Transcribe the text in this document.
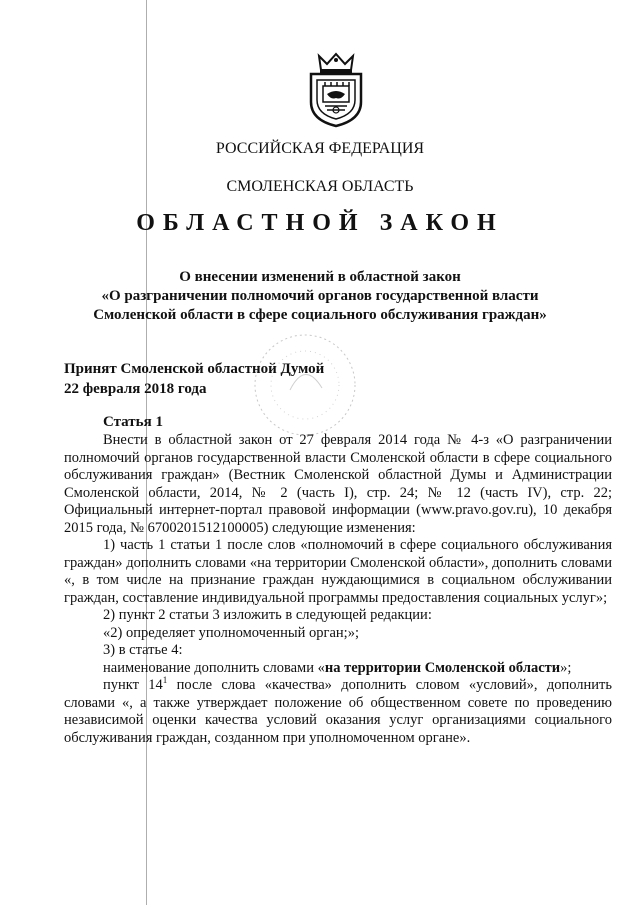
РОССИЙСКАЯ ФЕДЕРАЦИЯ
СМОЛЕНСКАЯ ОБЛАСТЬ
ОБЛАСТНОЙ ЗАКОН
О внесении изменений в областной закон
«О разграничении полномочий органов государственной власти Смоленской области в сфере социального обслуживания граждан»
Принят Смоленской областной Думой
22 февраля 2018 года
Статья 1

Внести в областной закон от 27 февраля 2014 года № 4-з «О разграничении полномочий органов государственной власти Смоленской области в сфере социального обслуживания граждан» (Вестник Смоленской областной Думы и Администрации Смоленской области, 2014, № 2 (часть I), стр. 24; № 12 (часть IV), стр. 22; Официальный интернет-портал правовой информации (www.pravo.gov.ru), 10 декабря 2015 года, № 6700201512100005) следующие изменения:

1) часть 1 статьи 1 после слов «полномочий в сфере социального обслуживания граждан» дополнить словами «на территории Смоленской области», дополнить словами «, в том числе на признание граждан нуждающимися в социальном обслуживании граждан, составление индивидуальной программы предоставления социальных услуг»;

2) пункт 2 статьи 3 изложить в следующей редакции:

«2) определяет уполномоченный орган;»;

3) в статье 4:

наименование дополнить словами «на территории Смоленской области»;

пункт $14^1$ после слова «качества» дополнить словом «условий», дополнить словами «, а также утверждает положение об общественном совете по проведению независимой оценки качества условий оказания услуг организациями социального обслуживания граждан, созданном при уполномоченном органе».
